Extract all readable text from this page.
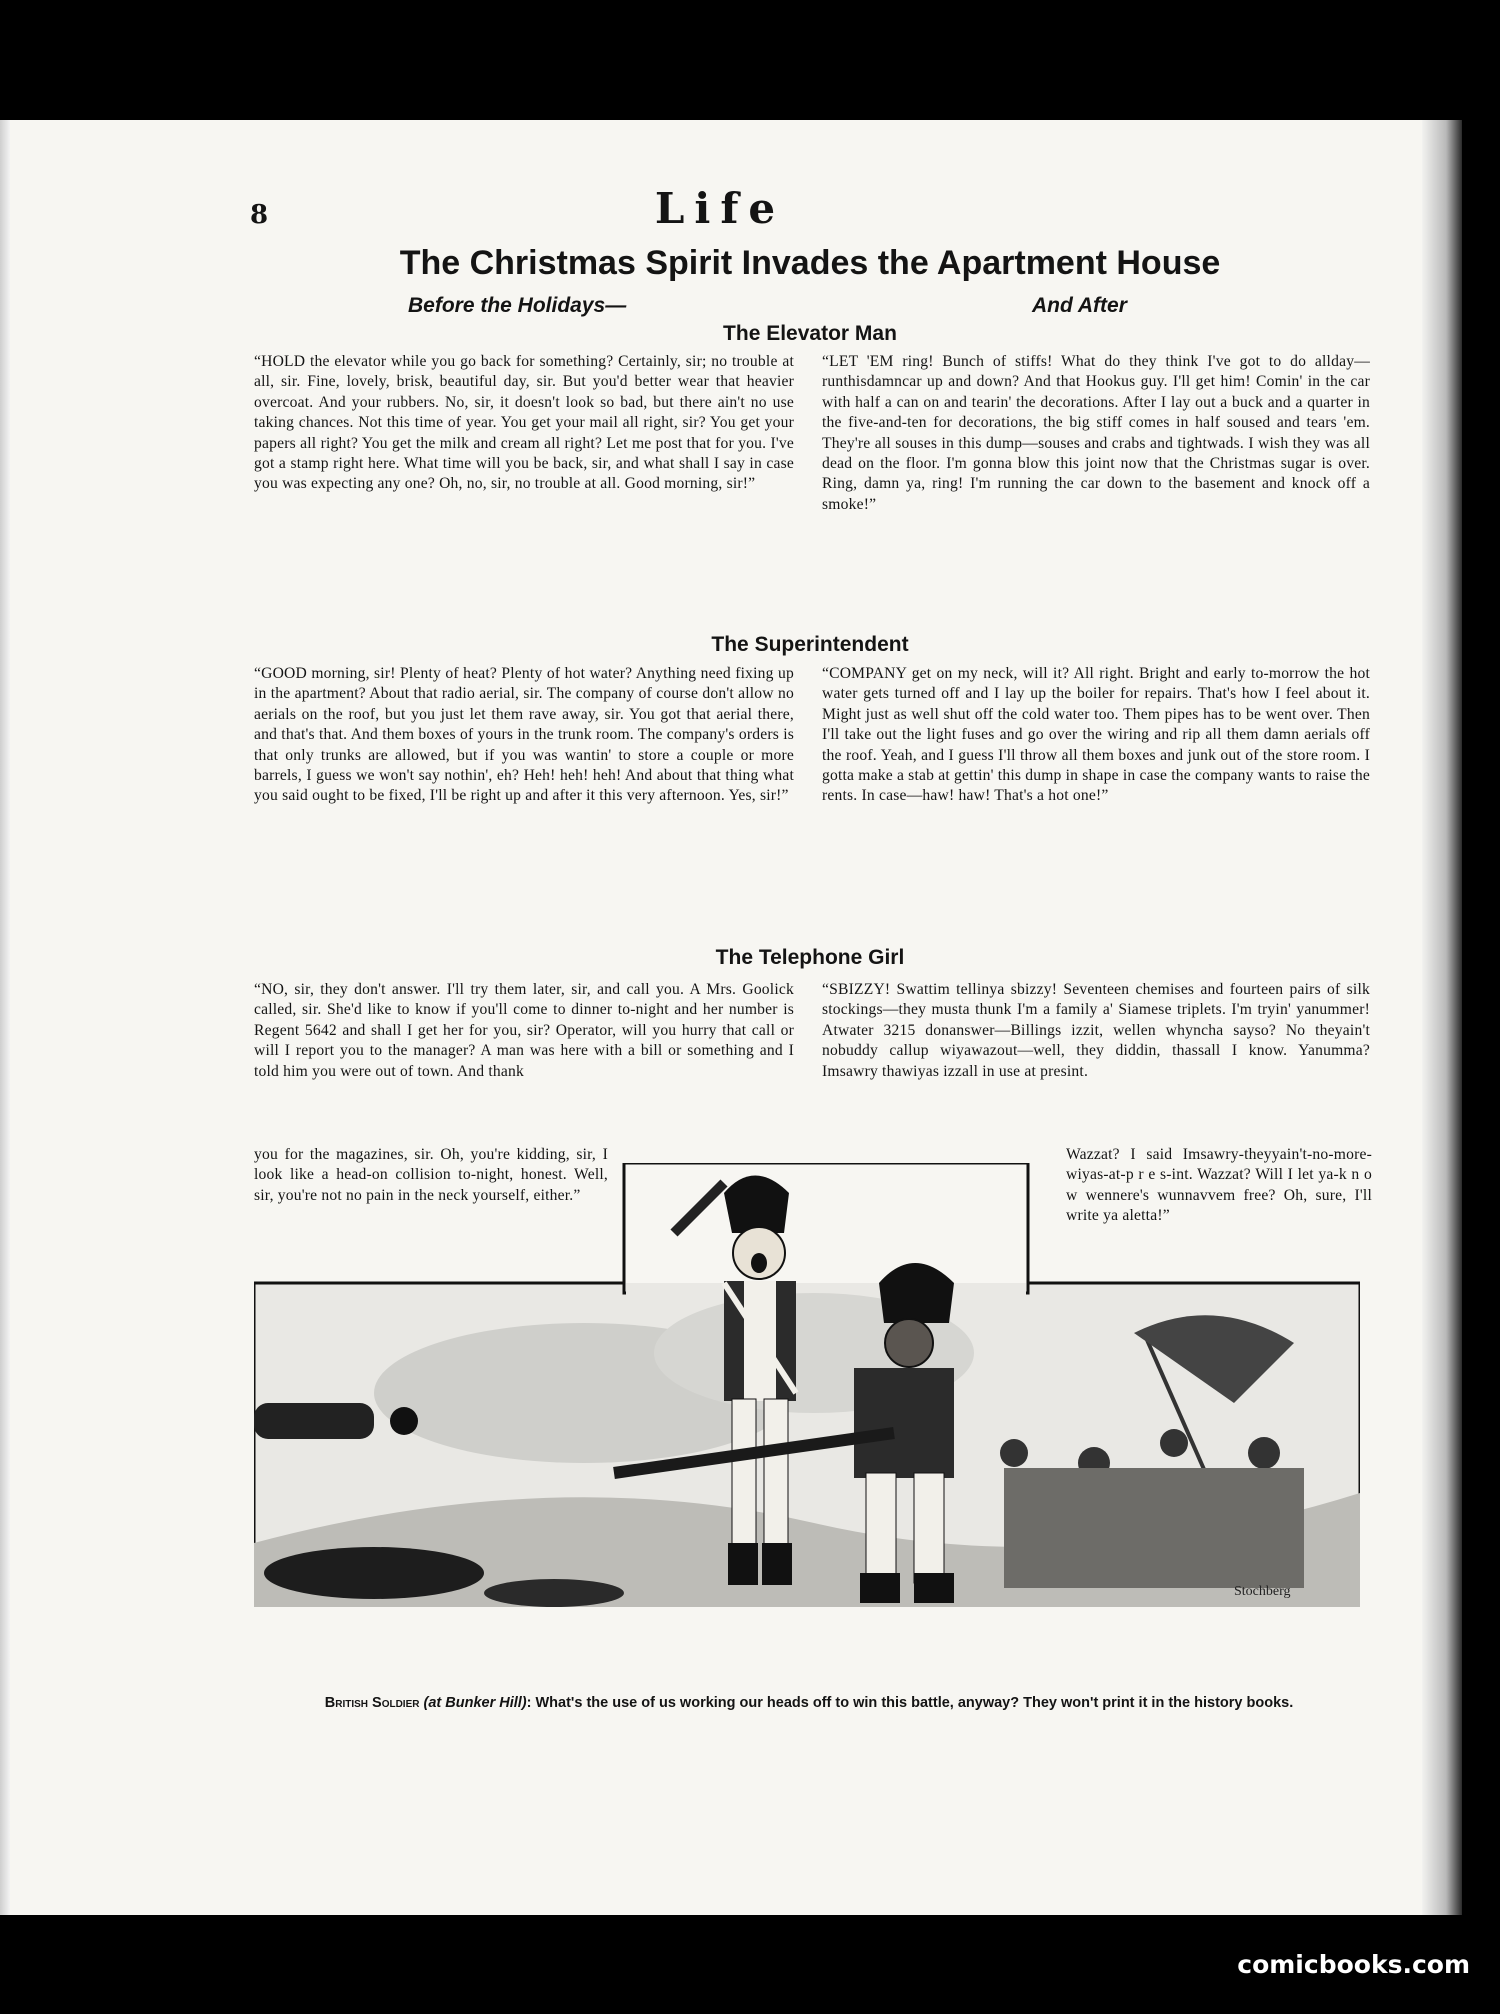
8	Life
The Christmas Spirit Invades the Apartment House
Before the Holidays—	And After
The Elevator Man

“HOLD the elevator while you go back for something? Certainly, sir; no trouble at all, sir. Fine, lovely, brisk, beautiful day, sir. But you'd better wear that heavier overcoat. And your rubbers. No, sir, it doesn't look so bad, but there ain't no use taking chances. Not this time of year. You get your mail all right, sir? You get your papers all right? You get the milk and cream all right? Let me post that for you. I've got a stamp right here. What time will you be back, sir, and what shall I say in case you was expecting any one? Oh, no, sir, no trouble at all. Good morning, sir!”

“LET 'EM ring! Bunch of stiffs! What do they think I've got to do allday—runthisdamncar up and down? And that Hookus guy. I'll get him! Comin' in the car with half a can on and tearin' the decorations. After I lay out a buck and a quarter in the five-and-ten for decorations, the big stiff comes in half soused and tears 'em. They're all souses in this dump—souses and crabs and tightwads. I wish they was all dead on the floor. I'm gonna blow this joint now that the Christmas sugar is over. Ring, damn ya, ring! I'm running the car down to the basement and knock off a smoke!”

The Superintendent

“GOOD morning, sir! Plenty of heat? Plenty of hot water? Anything need fixing up in the apartment? About that radio aerial, sir. The company of course don't allow no aerials on the roof, but you just let them rave away, sir. You got that aerial there, and that's that. And them boxes of yours in the trunk room. The company's orders is that only trunks are allowed, but if you was wantin' to store a couple or more barrels, I guess we won't say nothin', eh? Heh! heh! heh! And about that thing what you said ought to be fixed, I'll be right up and after it this very afternoon. Yes, sir!”

“COMPANY get on my neck, will it? All right. Bright and early to-morrow the hot water gets turned off and I lay up the boiler for repairs. That's how I feel about it. Might just as well shut off the cold water too. Them pipes has to be went over. Then I'll take out the light fuses and go over the wiring and rip all them damn aerials off the roof. Yeah, and I guess I'll throw all them boxes and junk out of the store room. I gotta make a stab at gettin' this dump in shape in case the company wants to raise the rents. In case—haw! haw! That's a hot one!”

The Telephone Girl

“NO, sir, they don't answer. I'll try them later, sir, and call you. A Mrs. Goolick called, sir. She'd like to know if you'll come to dinner to-night and her number is Regent 5642 and shall I get her for you, sir? Operator, will you hurry that call or will I report you to the manager? A man was here with a bill or something and I told him you were out of town. And thank

you for the magazines, sir. Oh, you're kidding, sir, I look like a head-on collision to-night, honest. Well, sir, you're not no pain in the neck yourself, either.”

“SBIZZY! Swattim tellinya sbizzy! Seventeen chemises and fourteen pairs of silk stockings—they musta thunk I'm a family a' Siamese triplets. I'm tryin' yanummer! Atwater 3215 donanswer—Billings izzit, wellen whyncha sayso? No theyain't nobuddy callup wiyawazout—well, they diddin, thassall I know. Yanumma? Imsawry thawiyas izzall in use at presint.

Wazzat? I said Imsawry-theyyain't-no-more-wiyas-at-p r e s-int. Wazzat? Will I let ya-k n o w wennere's wunnavvem free? Oh, sure, I'll write ya aletta!”

Stochberg
British Soldier (at Bunker Hill): What's the use of us working our heads off to win this battle, anyway? They won't print it in the history books.
comicbooks.com
